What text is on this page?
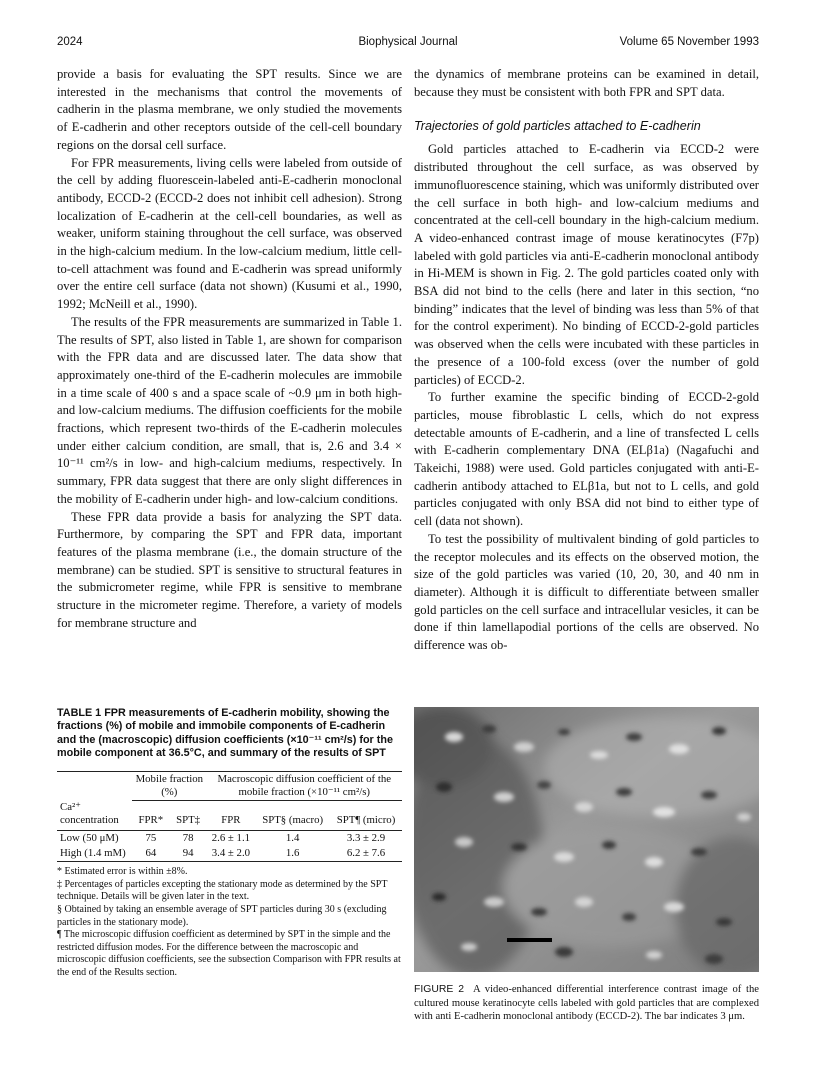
2024	Biophysical Journal	Volume 65 November 1993

provide a basis for evaluating the SPT results. Since we are interested in the mechanisms that control the movements of cadherin in the plasma membrane, we only studied the movements of E-cadherin and other receptors outside of the cell-cell boundary regions on the dorsal cell surface.

For FPR measurements, living cells were labeled from outside of the cell by adding fluorescein-labeled anti-E-cadherin monoclonal antibody, ECCD-2 (ECCD-2 does not inhibit cell adhesion). Strong localization of E-cadherin at the cell-cell boundaries, as well as weaker, uniform staining throughout the cell surface, was observed in the high-calcium medium. In the low-calcium medium, little cell-to-cell attachment was found and E-cadherin was spread uniformly over the entire cell surface (data not shown) (Kusumi et al., 1990, 1992; McNeill et al., 1990).

The results of the FPR measurements are summarized in Table 1. The results of SPT, also listed in Table 1, are shown for comparison with the FPR data and are discussed later. The data show that approximately one-third of the E-cadherin molecules are immobile in a time scale of 400 s and a space scale of ~0.9 μm in both high- and low-calcium mediums. The diffusion coefficients for the mobile fractions, which represent two-thirds of the E-cadherin molecules under either calcium condition, are small, that is, 2.6 and 3.4 × 10⁻¹¹ cm²/s in low- and high-calcium mediums, respectively. In summary, FPR data suggest that there are only slight differences in the mobility of E-cadherin under high- and low-calcium conditions.

These FPR data provide a basis for analyzing the SPT data. Furthermore, by comparing the SPT and FPR data, important features of the plasma membrane (i.e., the domain structure of the membrane) can be studied. SPT is sensitive to structural features in the submicrometer regime, while FPR is sensitive to membrane structure in the micrometer regime. Therefore, a variety of models for membrane structure and

the dynamics of membrane proteins can be examined in detail, because they must be consistent with both FPR and SPT data.

Trajectories of gold particles attached to E-cadherin

Gold particles attached to E-cadherin via ECCD-2 were distributed throughout the cell surface, as was observed by immunofluorescence staining, which was uniformly distributed over the cell surface in both high- and low-calcium mediums and concentrated at the cell-cell boundary in the high-calcium medium. A video-enhanced contrast image of mouse keratinocytes (F7p) labeled with gold particles via anti-E-cadherin monoclonal antibody in Hi-MEM is shown in Fig. 2. The gold particles coated only with BSA did not bind to the cells (here and later in this section, “no binding” indicates that the level of binding was less than 5% of that for the control experiment). No binding of ECCD-2-gold particles was observed when the cells were incubated with these particles in the presence of a 100-fold excess (over the number of gold particles) of ECCD-2.

To further examine the specific binding of ECCD-2-gold particles, mouse fibroblastic L cells, which do not express detectable amounts of E-cadherin, and a line of transfected L cells with E-cadherin complementary DNA (ELβ1a) (Nagafuchi and Takeichi, 1988) were used. Gold particles conjugated with anti-E-cadherin antibody attached to ELβ1a, but not to L cells, and gold particles conjugated with only BSA did not bind to either type of cell (data not shown).

To test the possibility of multivalent binding of gold particles to the receptor molecules and its effects on the observed motion, the size of the gold particles was varied (10, 20, 30, and 40 nm in diameter). Although it is difficult to differentiate between smaller gold particles on the cell surface and intracellular vesicles, it can be done if thin lamellapodial portions of the cells are observed. No difference was ob-

TABLE 1 FPR measurements of E-cadherin mobility, showing the fractions (%) of mobile and immobile components of E-cadherin and the (macroscopic) diffusion coefficients (×10⁻¹¹ cm²/s) for the mobile component at 36.5°C, and summary of the results of SPT
	Mobile fraction (%)		Macroscopic diffusion coefficient of the mobile fraction (×10⁻¹¹ cm²/s)		

Ca²⁺ concentration	FPR*	SPT‡	FPR	SPT§ (macro)	SPT¶ (micro)
Low (50 μM)	75	78	2.6 ± 1.1	1.4	3.3 ± 2.9
High (1.4 mM)	64	94	3.4 ± 2.0	1.6	6.2 ± 7.6
* Estimated error is within ±8%.
‡ Percentages of particles excepting the stationary mode as determined by the SPT technique. Details will be given later in the text.
§ Obtained by taking an ensemble average of SPT particles during 30 s (excluding particles in the stationary mode).
¶ The microscopic diffusion coefficient as determined by SPT in the simple and the restricted diffusion modes. For the difference between the macroscopic and microscopic diffusion coefficients, see the subsection Comparison with FPR results at the end of the Results section.
FIGURE 2 A video-enhanced differential interference contrast image of the cultured mouse keratinocyte cells labeled with gold particles that are complexed with anti E-cadherin monoclonal antibody (ECCD-2). The bar indicates 3 μm.
